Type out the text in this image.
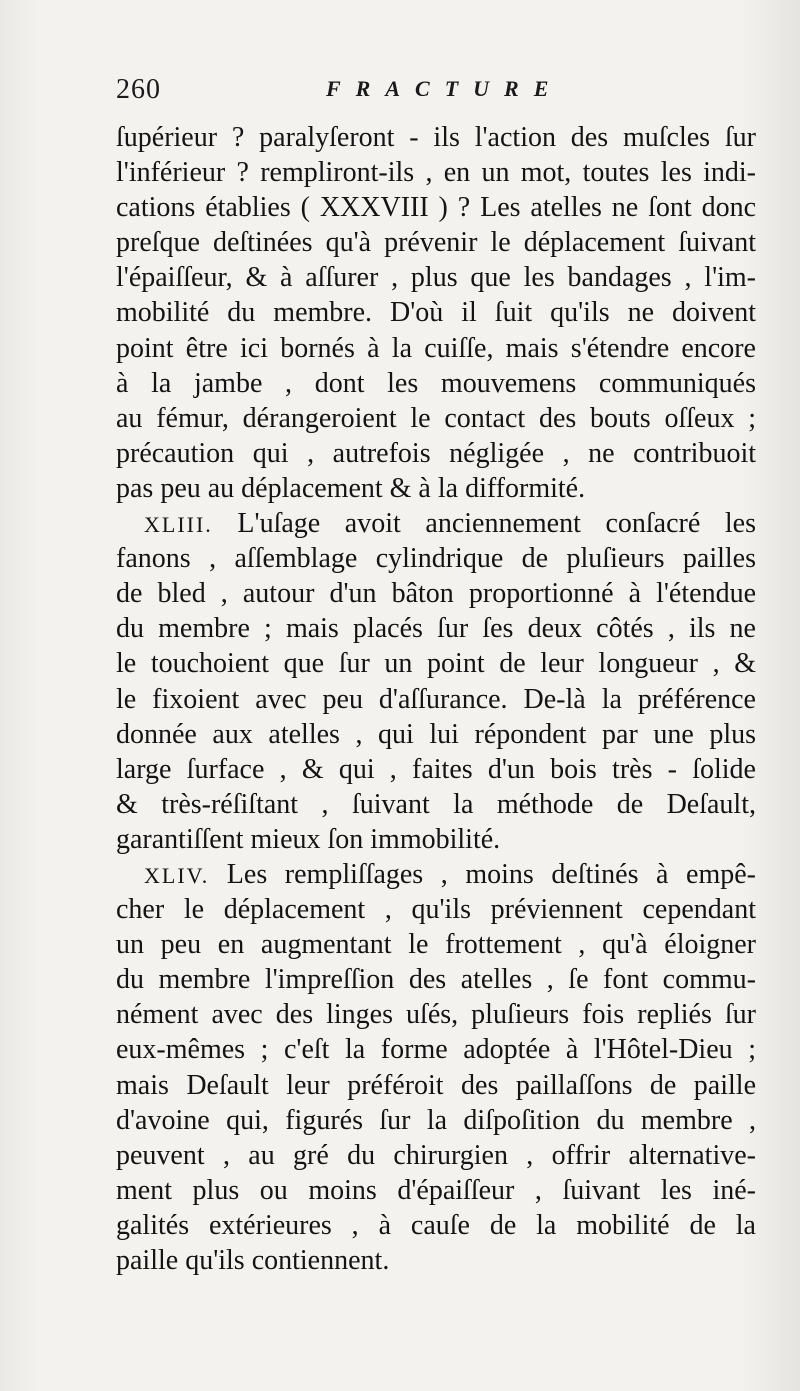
260	FRACTURE
ſupérieur ? paralyſeront - ils l'action des muſcles ſur
l'inférieur ? rempliront-ils , en un mot, toutes les indi-
cations établies ( XXXVIII ) ? Les atelles ne ſont donc
preſque deſtinées qu'à prévenir le déplacement ſuivant
l'épaiſſeur, & à aſſurer , plus que les bandages , l'im-
mobilité du membre. D'où il ſuit qu'ils ne doivent
point être ici bornés à la cuiſſe, mais s'étendre encore
à la jambe , dont les mouvemens communiqués
au fémur, dérangeroient le contact des bouts oſſeux ;
précaution qui , autrefois négligée , ne contribuoit
pas peu au déplacement & à la difformité.
XLIII. L'uſage avoit anciennement conſacré les
fanons , aſſemblage cylindrique de pluſieurs pailles
de bled , autour d'un bâton proportionné à l'étendue
du membre ; mais placés ſur ſes deux côtés , ils ne
le touchoient que ſur un point de leur longueur , &
le fixoient avec peu d'aſſurance. De-là la préférence
donnée aux atelles , qui lui répondent par une plus
large ſurface , & qui , faites d'un bois très - ſolide
& très-réſiſtant , ſuivant la méthode de Deſault,
garantiſſent mieux ſon immobilité.
XLIV. Les rempliſſages , moins deſtinés à empê-
cher le déplacement , qu'ils préviennent cependant
un peu en augmentant le frottement , qu'à éloigner
du membre l'impreſſion des atelles , ſe font commu-
nément avec des linges uſés, pluſieurs fois repliés ſur
eux-mêmes ; c'eſt la forme adoptée à l'Hôtel-Dieu ;
mais Deſault leur préféroit des paillaſſons de paille
d'avoine qui, figurés ſur la diſpoſition du membre ,
peuvent , au gré du chirurgien , offrir alternative-
ment plus ou moins d'épaiſſeur , ſuivant les iné-
galités extérieures , à cauſe de la mobilité de la
paille qu'ils contiennent.
